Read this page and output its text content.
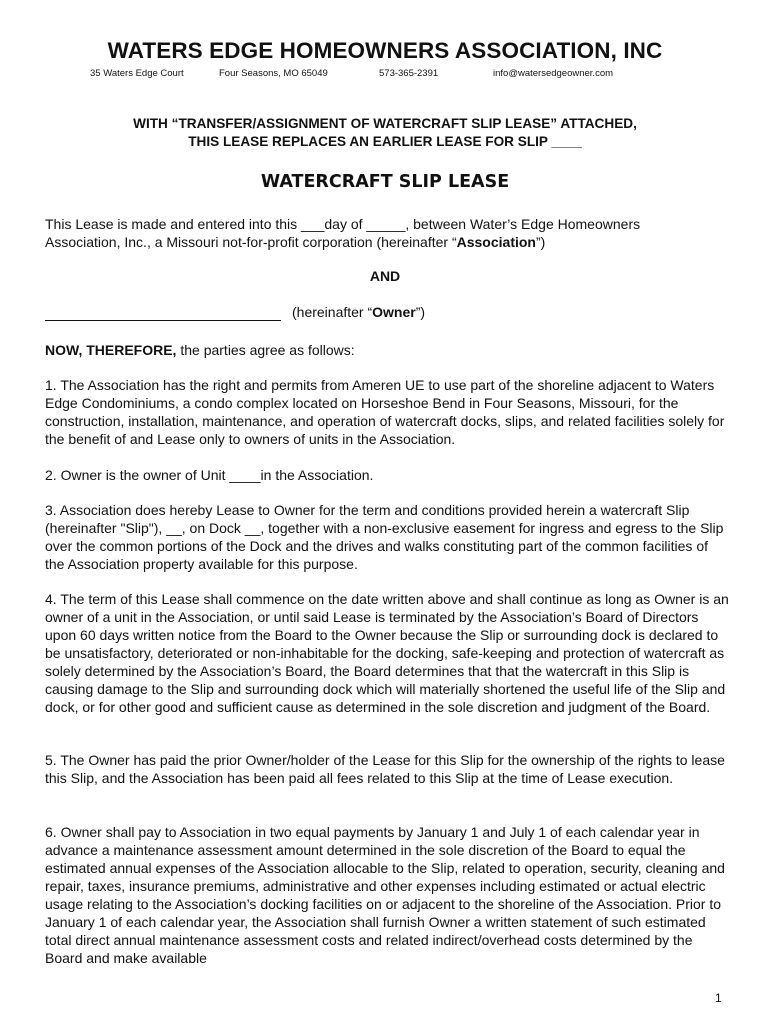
WATERS EDGE HOMEOWNERS ASSOCIATION, INC
35 Waters Edge Court	Four Seasons, MO 65049	573-365-2391	info@watersedgeowner.com
WITH “TRANSFER/ASSIGNMENT OF WATERCRAFT SLIP LEASE” ATTACHED,
THIS LEASE REPLACES AN EARLIER LEASE FOR SLIP ____
WATERCRAFT SLIP LEASE
This Lease is made and entered into this ___day of _____, between Water’s Edge Homeowners
Association, Inc., a Missouri not-for-profit corporation (hereinafter “Association”)
AND
(hereinafter “Owner”)
NOW, THEREFORE, the parties agree as follows:

1. The Association has the right and permits from Ameren UE to use part of the shoreline adjacent to Waters Edge Condominiums, a condo complex located on Horseshoe Bend in Four Seasons, Missouri, for the construction, installation, maintenance, and operation of watercraft docks, slips, and related facilities solely for the benefit of and Lease only to owners of units in the Association.

2. Owner is the owner of Unit ____in the Association.

3. Association does hereby Lease to Owner for the term and conditions provided herein a watercraft Slip (hereinafter "Slip"), __, on Dock __, together with a non-exclusive easement for ingress and egress to the Slip over the common portions of the Dock and the drives and walks constituting part of the common facilities of the Association property available for this purpose.

4. The term of this Lease shall commence on the date written above and shall continue as long as Owner is an owner of a unit in the Association, or until said Lease is terminated by the Association’s Board of Directors upon 60 days written notice from the Board to the Owner because the Slip or surrounding dock is declared to be unsatisfactory, deteriorated or non-inhabitable for the docking, safe-keeping and protection of watercraft as solely determined by the Association’s Board, the Board determines that that the watercraft in this Slip is causing damage to the Slip and surrounding dock which will materially shortened the useful life of the Slip and dock, or for other good and sufficient cause as determined in the sole discretion and judgment of the Board.

5. The Owner has paid the prior Owner/holder of the Lease for this Slip for the ownership of the rights to lease this Slip, and the Association has been paid all fees related to this Slip at the time of Lease execution.

6. Owner shall pay to Association in two equal payments by January 1 and July 1 of each calendar year in advance a maintenance assessment amount determined in the sole discretion of the Board to equal the estimated annual expenses of the Association allocable to the Slip, related to operation, security, cleaning and repair, taxes, insurance premiums, administrative and other expenses including estimated or actual electric usage relating to the Association’s docking facilities on or adjacent to the shoreline of the Association. Prior to January 1 of each calendar year, the Association shall furnish Owner a written statement of such estimated total direct annual maintenance assessment costs and related indirect/overhead costs determined by the Board and make available

1
